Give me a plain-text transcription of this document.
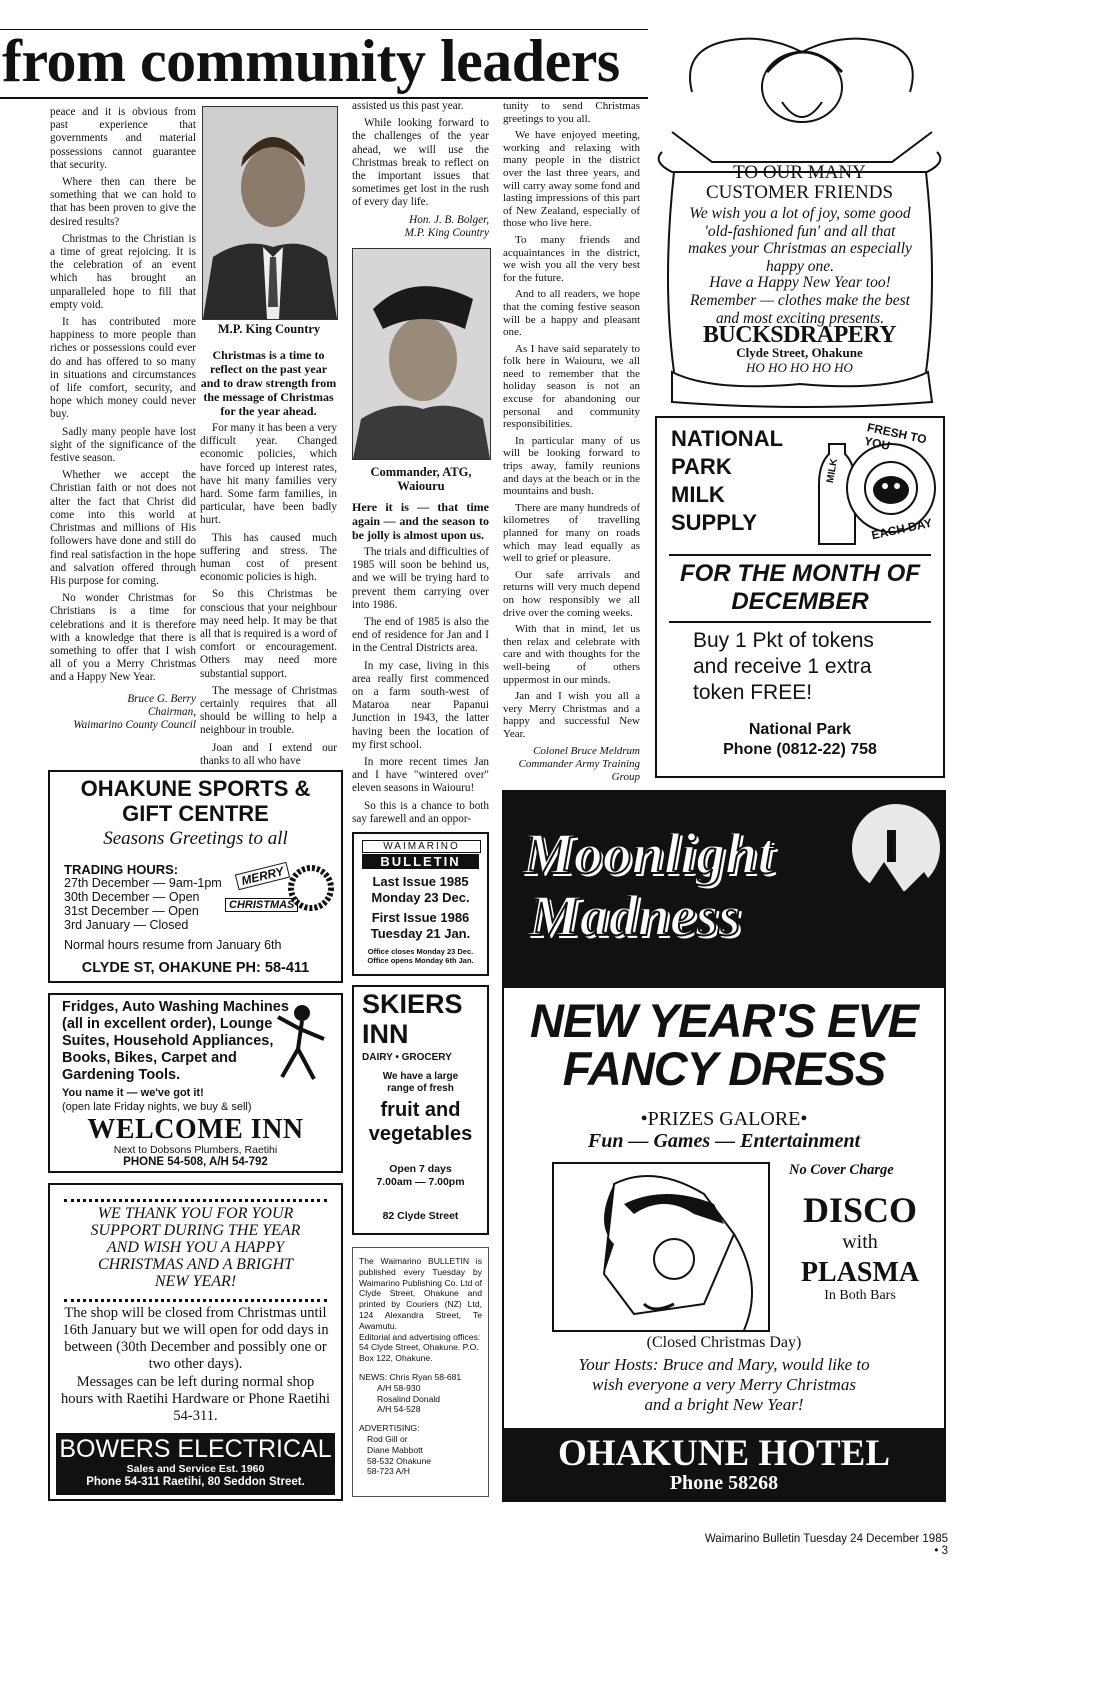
from community leaders

peace and it is obvious from past experience that governments and material possessions cannot guarantee that security.

Where then can there be something that we can hold to that has been proven to give the desired results?

Christmas to the Christian is a time of great rejoicing. It is the celebration of an event which has brought an unparalleled hope to fill that empty void.

It has contributed more happiness to more people than riches or possessions could ever do and has offered to so many in situations and circumstances of life comfort, security, and hope which money could never buy.

Sadly many people have lost sight of the significance of the festive season.

Whether we accept the Christian faith or not does not alter the fact that Christ did come into this world at Christmas and millions of His followers have done and still do find real satisfaction in the hope and salvation offered through His purpose for coming.

No wonder Christmas for Christians is a time for celebrations and it is therefore with a knowledge that there is something to offer that I wish all of you a Merry Christmas and a Happy New Year.

Bruce G. Berry
Chairman,
Waimarino County Council
M.P. King Country

Christmas is a time to reflect on the past year and to draw strength from the message of Christmas for the year ahead.

For many it has been a very difficult year. Changed economic policies, which have forced up interest rates, have hit many families very hard. Some farm families, in particular, have been badly hurt.

This has caused much suffering and stress. The human cost of present economic policies is high.

So this Christmas be conscious that your neighbour may need help. It may be that all that is required is a word of comfort or encouragement. Others may need more substantial support.

The message of Christmas certainly requires that all should be willing to help a neighbour in trouble.

Joan and I extend our thanks to all who have

assisted us this past year.

While looking forward to the challenges of the year ahead, we will use the Christmas break to reflect on the important issues that sometimes get lost in the rush of every day life.

Hon. J. B. Bolger,
M.P. King Country
Commander, ATG, Waiouru

Here it is — that time again — and the season to be jolly is almost upon us.

The trials and difficulties of 1985 will soon be behind us, and we will be trying hard to prevent them carrying over into 1986.

The end of 1985 is also the end of residence for Jan and I in the Central Districts area.

In my case, living in this area really first commenced on a farm south-west of Mataroa near Papanui Junction in 1943, the latter having been the location of my first school.

In more recent times Jan and I have "wintered over" eleven seasons in Waiouru!

So this is a chance to both say farewell and an oppor-

tunity to send Christmas greetings to you all.

We have enjoyed meeting, working and relaxing with many people in the district over the last three years, and will carry away some fond and lasting impressions of this part of New Zealand, especially of those who live here.

To many friends and acquaintances in the district, we wish you all the very best for the future.

And to all readers, we hope that the coming festive season will be a happy and pleasant one.

As I have said separately to folk here in Waiouru, we all need to remember that the holiday season is not an excuse for abandoning our personal and community responsibilities.

In particular many of us will be looking forward to trips away, family reunions and days at the beach or in the mountains and bush.

There are many hundreds of kilometres of travelling planned for many on roads which may lead equally as well to grief or pleasure.

Our safe arrivals and returns will very much depend on how responsibly we all drive over the coming weeks.

With that in mind, let us then relax and celebrate with care and with thoughts for the well-being of others uppermost in our minds.

Jan and I wish you all a very Merry Christmas and a happy and successful New Year.

Colonel Bruce Meldrum
Commander Army Training
Group
TO OUR MANY
CUSTOMER FRIENDS
We wish you a lot of joy, some good 'old-fashioned fun' and all that makes your Christmas an especially happy one.
Have a Happy New Year too!
Remember — clothes make the best and most exciting presents.
BUCKSDRAPERY
Clyde Street, Ohakune
HO HO HO HO HO
NATIONAL
PARK
MILK
SUPPLY
MILK
FRESH TO YOU
EACH DAY
FOR THE MONTH OF
DECEMBER
Buy 1 Pkt of tokens
and receive 1 extra
token FREE!
National Park
Phone (0812-22) 758
OHAKUNE SPORTS &
GIFT CENTRE
Seasons Greetings to all
TRADING HOURS:
27th December — 9am-1pm
30th December — Open
31st December — Open
3rd January — Closed
MERRY
CHRISTMAS
Normal hours resume from January 6th
CLYDE ST, OHAKUNE PH: 58-411
Fridges, Auto Washing Machines
(all in excellent order), Lounge
Suites, Household Appliances,
Books, Bikes, Carpet and
Gardening Tools.
You name it — we've got it!
(open late Friday nights, we buy & sell)
WELCOME INN
Next to Dobsons Plumbers, Raetihi
PHONE 54-508, A/H 54-792
WE THANK YOU FOR YOUR
SUPPORT DURING THE YEAR
AND WISH YOU A HAPPY
CHRISTMAS AND A BRIGHT
NEW YEAR!
The shop will be closed from Christmas until 16th January but we will open for odd days in between (30th December and possibly one or two other days).
Messages can be left during normal shop hours with Raetihi Hardware or Phone Raetihi 54-311.
BOWERS ELECTRICAL
Sales and Service Est. 1960
Phone 54-311 Raetihi, 80 Seddon Street.
WAIMARINO
BULLETIN
Last Issue 1985
Monday 23 Dec.
First Issue 1986
Tuesday 21 Jan.
Office closes Monday 23 Dec.
Office opens Monday 6th Jan.
SKIERS
INN
DAIRY • GROCERY
We have a large
range of fresh
fruit and
vegetables
Open 7 days
7.00am — 7.00pm
82 Clyde Street
The Waimarino BULLETIN is published every Tuesday by Waimarino Publishing Co. Ltd of Clyde Street, Ohakune and printed by Couriers (NZ) Ltd, 124 Alexandra Street, Te Awamutu.
Editorial and advertising offices: 54 Clyde Street, Ohakune. P.O. Box 122, Ohakune.
NEWS: Chris Ryan 58-681
A/H 58-930
Rosalind Donald
A/H 54-528
ADVERTISING:
Rod Gill or
Diane Mabbott
58-532 Ohakune
58-723 A/H
Moonlight
Madness
NEW YEAR'S EVE
FANCY DRESS
•PRIZES GALORE•
Fun — Games — Entertainment
No Cover Charge
DISCO
with
PLASMA
In Both Bars
(Closed Christmas Day)
Your Hosts: Bruce and Mary, would like to
wish everyone a very Merry Christmas
and a bright New Year!
OHAKUNE HOTEL
Phone 58268
Waimarino Bulletin Tuesday 24 December 1985 • 3
